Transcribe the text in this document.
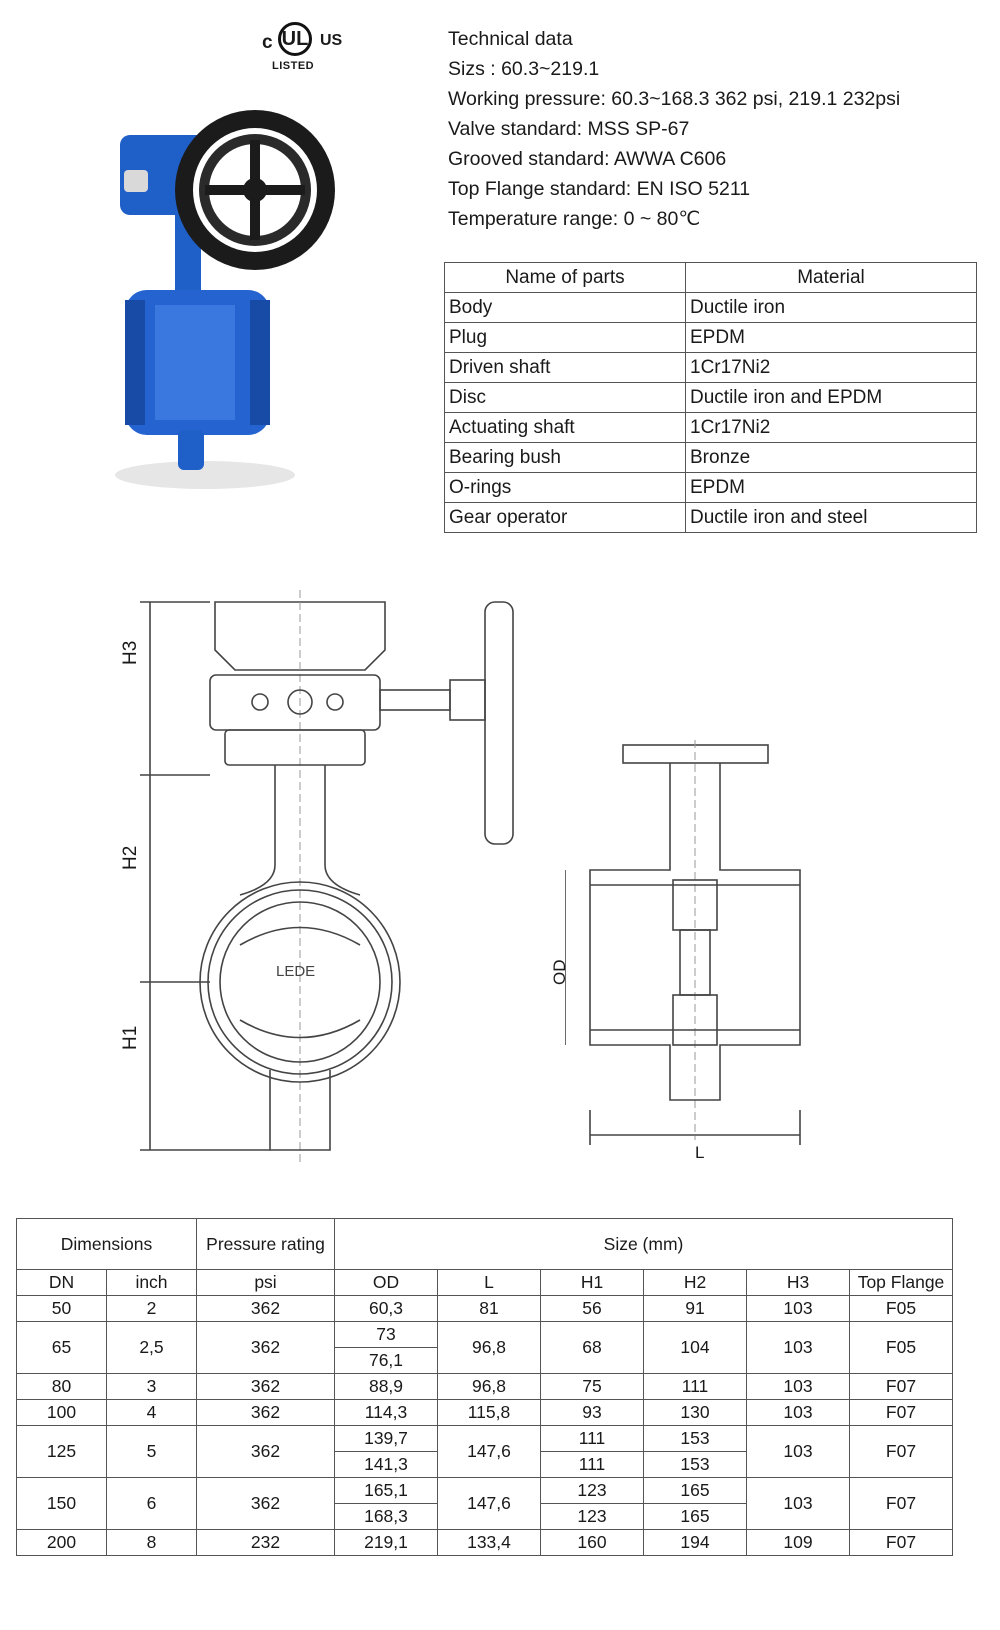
c UL US
LISTED
Technical data
Sizs : 60.3~219.1
Working pressure: 60.3~168.3 362 psi, 219.1 232psi
Valve standard: MSS SP-67
Grooved standard: AWWA C606
Top Flange standard: EN ISO 5211
Temperature range: 0 ~ 80℃
Name of parts	Material
Body	Ductile iron
Plug	EPDM
Driven shaft	1Cr17Ni2
Disc	Ductile iron and EPDM
Actuating shaft	1Cr17Ni2
Bearing bush	Bronze
O-rings	EPDM
Gear operator	Ductile iron and steel
H3
H2
H1
LEDE	OD
L
Dimensions		Pressure rating	Size (mm)					
DN	inch	psi	OD	L	H1	H2	H3	Top Flange
50	2	362	60,3	81	56	91	103	F05
65	2,5	362	73	96,8	68	104	103	F05
			76,1					
80	3	362	88,9	96,8	75	111	103	F07
100	4	362	114,3	115,8	93	130	103	F07
125	5	362	139,7	147,6	111	153	103	F07
			141,3		111	153		
150	6	362	165,1	147,6	123	165	103	F07
			168,3		123	165		
200	8	232	219,1	133,4	160	194	109	F07
